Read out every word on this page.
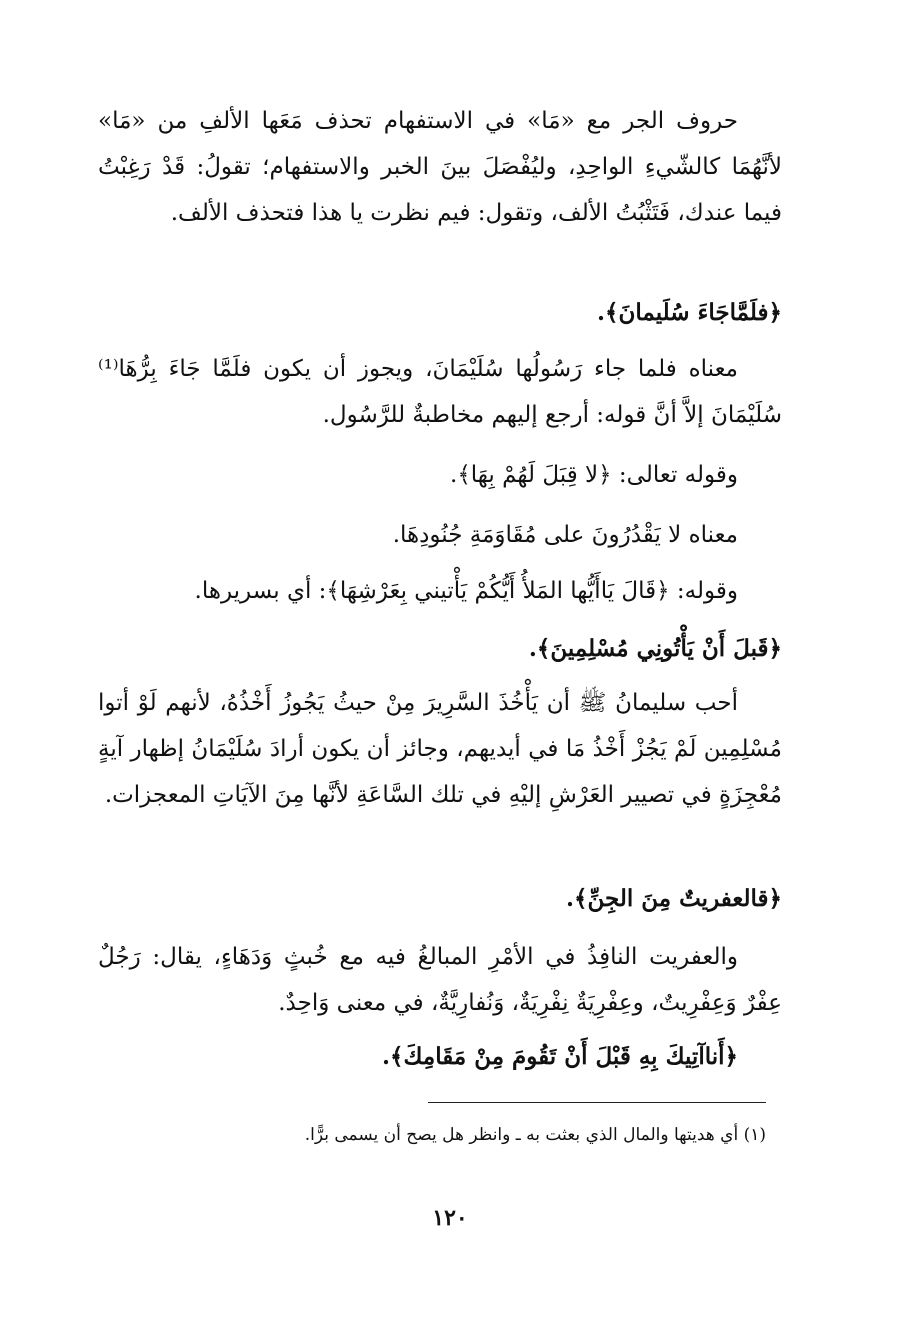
حروف الجر مع «مَا» في الاستفهام تحذف مَعَها الألفِ من «مَا» لأنَّهُمَا كالشّيءِ الواحِدِ، وليُفْصَلَ بينَ الخبر والاستفهام؛ تقولُ: قَدْ رَغِبْتُ فيما عندك، فَتَثْبُتُ الألف، وتقول: فيم نظرت يا هذا فتحذف الألف.

﴿فلَمَّاجَاءَ سُلَيمانَ﴾.

معناه فلما جاء رَسُولُها سُلَيْمَانَ، ويجوز أن يكون فلَمَّا جَاءَ بِرُّهَا⁽¹⁾ سُلَيْمَانَ إلاَّ أنَّ قوله: أرجع إليهم مخاطبةٌ للرَّسُول.

وقوله تعالى: ﴿لا قِبَلَ لَهُمْ بِهَا﴾.

معناه لا يَقْدُرُونَ على مُقَاوَمَةِ جُنُودِهَا.

وقوله: ﴿قَالَ يَاأَيُّها المَلأُ أَيُّكُمْ يَأْتيني بِعَرْشِهَا﴾: أي بسريرها.

﴿قَبلَ أَنْ يَأْتُونِي مُسْلِمِينَ﴾.

أحب سليمانُ ﷺ أن يَأْخُذَ السَّرِيرَ مِنْ حيثُ يَجُوزُ أَخْذُهُ، لأنهم لَوْ أتوا مُسْلِمِين لَمْ يَجُزْ أَخْذُ مَا في أيديهم، وجائز أن يكون أرادَ سُلَيْمَانُ إظهار آيةٍ مُعْجِزَةٍ في تصيير العَرْشِ إليْهِ في تلك السَّاعَةِ لأنَّها مِنَ الآيَاتِ المعجزات.

﴿قالعفريتٌ مِنَ الجِنِّ﴾.

والعفريت النافِذُ في الأمْرِ المبالغُ فيه مع خُبثٍ وَدَهَاءٍ، يقال: رَجُلٌ عِفْرٌ وَعِفْرِيتٌ، وعِفْرِيَةٌ نِفْرِيَةٌ، وَنُفارِيَّةٌ، في معنى وَاحِدٌ.

﴿أَناآتِيكَ بِهِ قَبْلَ أَنْ تَقُومَ مِنْ مَقَامِكَ﴾.

(١) أي هديتها والمال الذي بعثت به ـ وانظر هل يصح أن يسمى برًّا.
١٢٠
